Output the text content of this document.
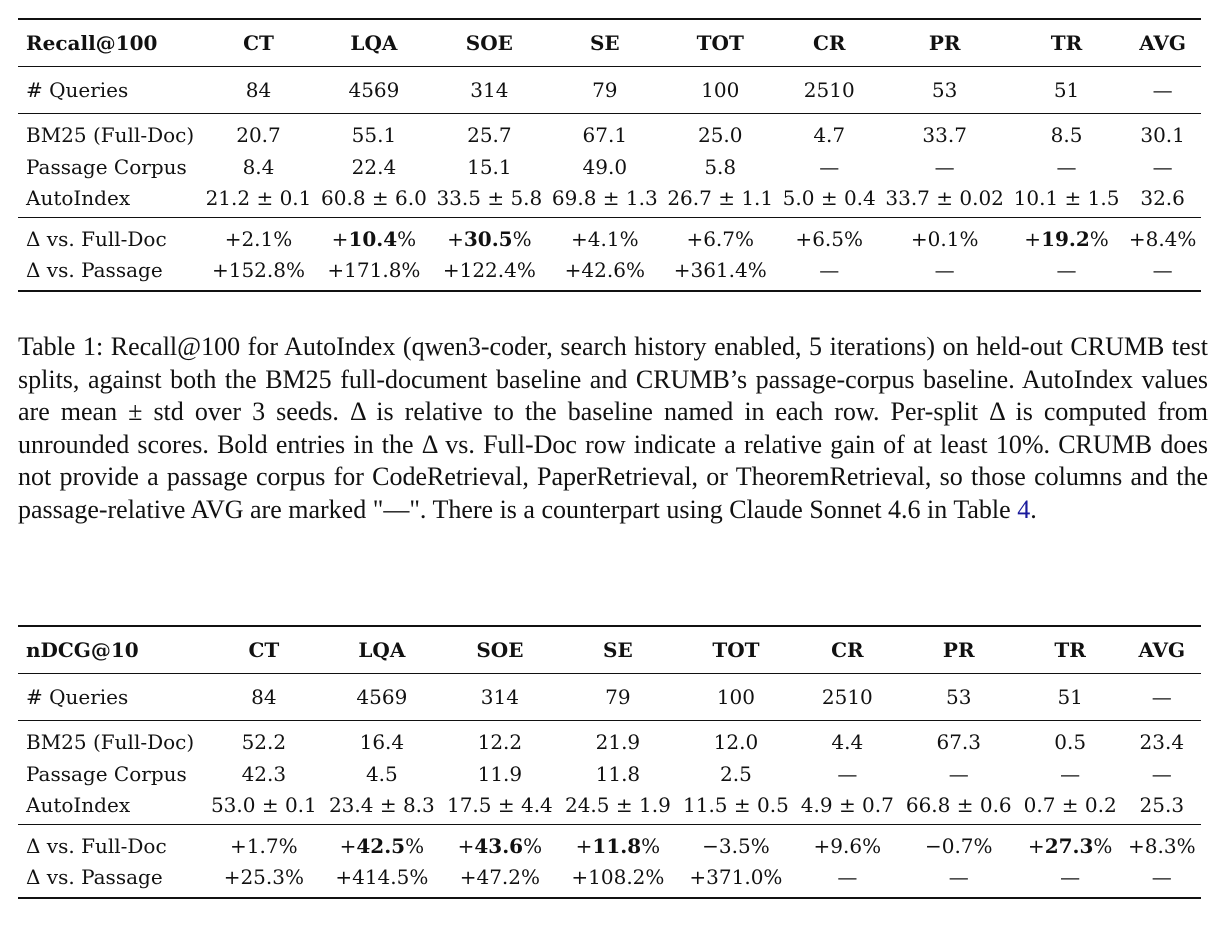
Recall@100	CT	LQA	SOE	SE	TOT	CR	PR	TR	AVG
# Queries	84	4569	314	79	100	2510	53	51	—
BM25 (Full-Doc)	20.7	55.1	25.7	67.1	25.0	4.7	33.7	8.5	30.1
Passage Corpus	8.4	22.4	15.1	49.0	5.8	—	—	—	—
AutoIndex	21.2 ± 0.1	60.8 ± 6.0	33.5 ± 5.8	69.8 ± 1.3	26.7 ± 1.1	5.0 ± 0.4	33.7 ± 0.02	10.1 ± 1.5	32.6
Δ vs. Full-Doc	+2.1%	+10.4%	+30.5%	+4.1%	+6.7%	+6.5%	+0.1%	+19.2%	+8.4%
Δ vs. Passage	+152.8%	+171.8%	+122.4%	+42.6%	+361.4%	—	—	—	—

Table 1: Recall@100 for AutoIndex (qwen3-coder, search history enabled, 5 iterations) on held-out CRUMB test splits, against both the BM25 full-document baseline and CRUMB’s passage-corpus baseline. AutoIndex values are mean ± std over 3 seeds. Δ is relative to the baseline named in each row. Per-split Δ is computed from unrounded scores. Bold entries in the Δ vs. Full-Doc row indicate a relative gain of at least 10%. CRUMB does not provide a passage corpus for CodeRetrieval, PaperRetrieval, or TheoremRetrieval, so those columns and the passage-relative AVG are marked "—". There is a counterpart using Claude Sonnet 4.6 in Table 4.

nDCG@10	CT	LQA	SOE	SE	TOT	CR	PR	TR	AVG
# Queries	84	4569	314	79	100	2510	53	51	—
BM25 (Full-Doc)	52.2	16.4	12.2	21.9	12.0	4.4	67.3	0.5	23.4
Passage Corpus	42.3	4.5	11.9	11.8	2.5	—	—	—	—
AutoIndex	53.0 ± 0.1	23.4 ± 8.3	17.5 ± 4.4	24.5 ± 1.9	11.5 ± 0.5	4.9 ± 0.7	66.8 ± 0.6	0.7 ± 0.2	25.3
Δ vs. Full-Doc	+1.7%	+42.5%	+43.6%	+11.8%	−3.5%	+9.6%	−0.7%	+27.3%	+8.3%
Δ vs. Passage	+25.3%	+414.5%	+47.2%	+108.2%	+371.0%	—	—	—	—
